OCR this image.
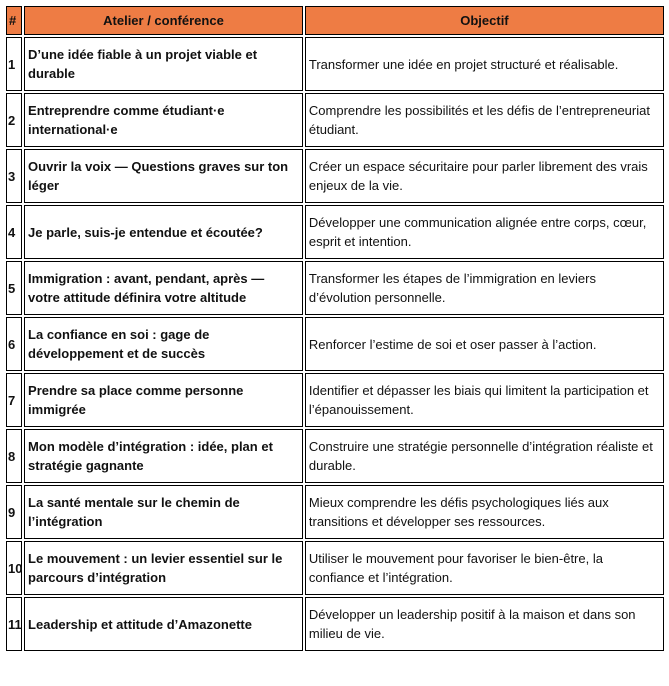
#	Atelier / conférence	Objectif
1	D’une idée fiable à un projet viable et durable	Transformer une idée en projet structuré et réalisable.
2	Entreprendre comme étudiant·e international·e	Comprendre les possibilités et les défis de l’entrepreneuriat étudiant.
3	Ouvrir la voix — Questions graves sur ton léger	Créer un espace sécuritaire pour parler librement des vrais enjeux de la vie.
4	Je parle, suis-je entendue et écoutée?	Développer une communication alignée entre corps, cœur, esprit et intention.
5	Immigration : avant, pendant, après — votre attitude définira votre altitude	Transformer les étapes de l’immigration en leviers d’évolution personnelle.
6	La confiance en soi : gage de développement et de succès	Renforcer l’estime de soi et oser passer à l’action.
7	Prendre sa place comme personne immigrée	Identifier et dépasser les biais qui limitent la participation et l’épanouissement.
8	Mon modèle d’intégration : idée, plan et stratégie gagnante	Construire une stratégie personnelle d’intégration réaliste et durable.
9	La santé mentale sur le chemin de l’intégration	Mieux comprendre les défis psychologiques liés aux transitions et développer ses ressources.
10	Le mouvement : un levier essentiel sur le parcours d’intégration	Utiliser le mouvement pour favoriser le bien-être, la confiance et l’intégration.
11	Leadership et attitude d’Amazonette	Développer un leadership positif à la maison et dans son milieu de vie.
